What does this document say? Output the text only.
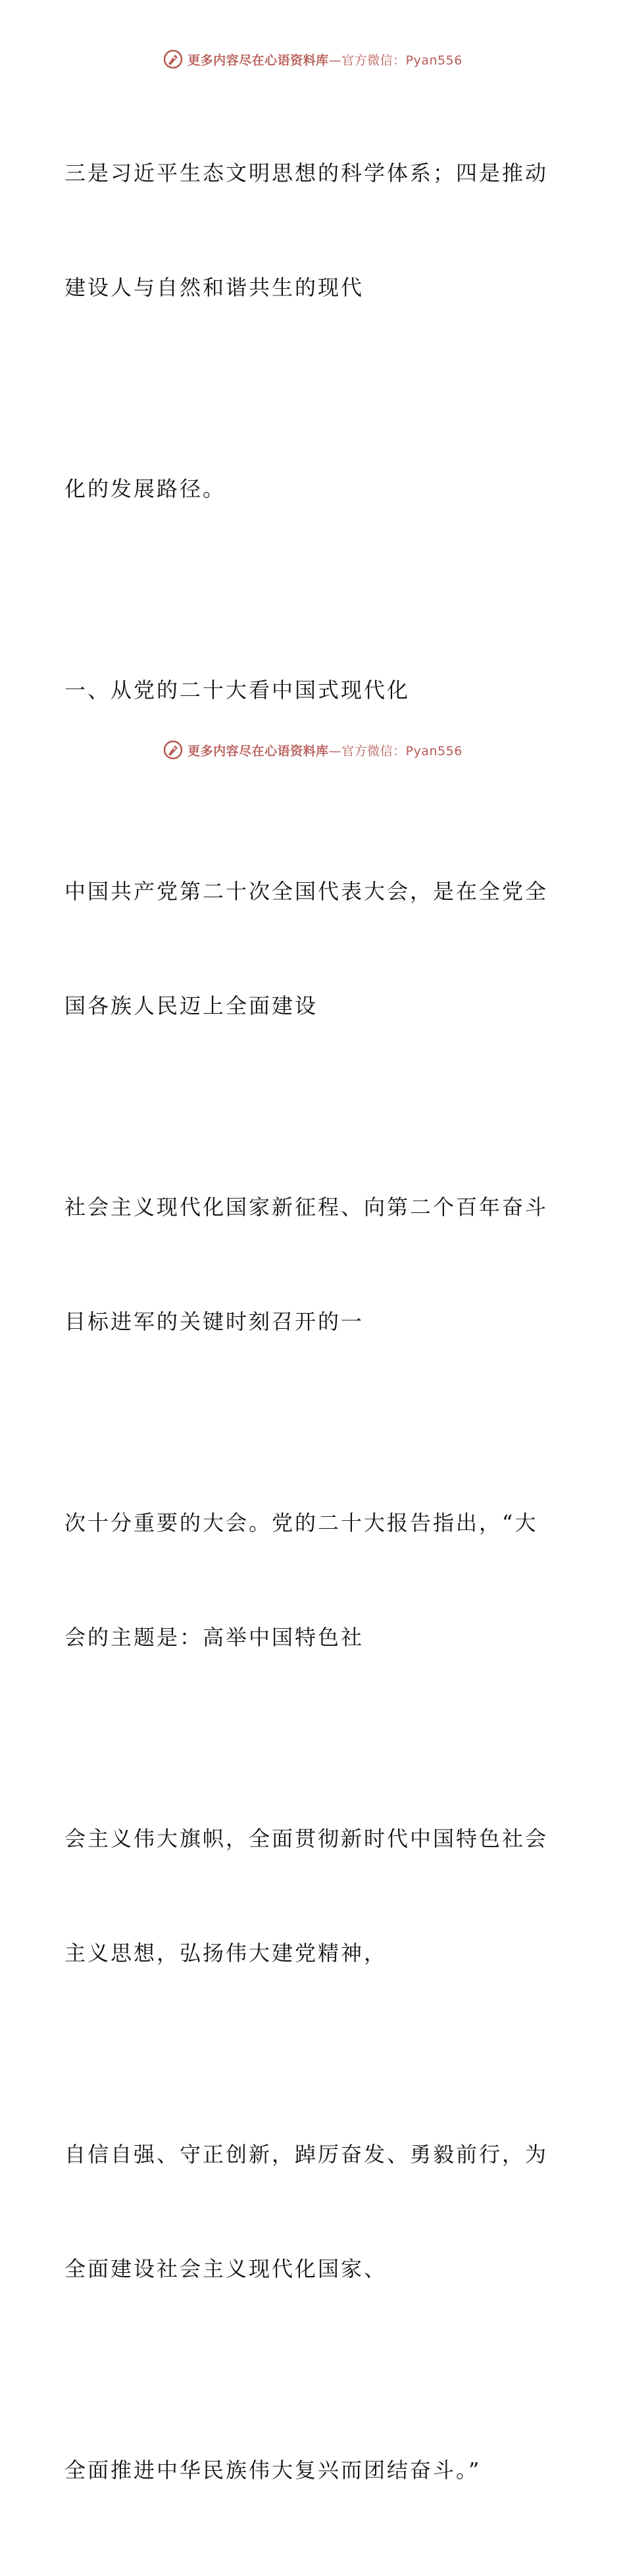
更多内容尽在心语资料库—官方微信：Pyan556

三是习近平生态文明思想的科学体系；四是推动

建设人与自然和谐共生的现代

化的发展路径。

一、从党的二十大看中国式现代化

中国共产党第二十次全国代表大会，是在全党全

国各族人民迈上全面建设

社会主义现代化国家新征程、向第二个百年奋斗

目标进军的关键时刻召开的一

次十分重要的大会。党的二十大报告指出，“大

会的主题是：高举中国特色社

会主义伟大旗帜，全面贯彻新时代中国特色社会

主义思想，弘扬伟大建党精神，

自信自强、守正创新，踔厉奋发、勇毅前行，为

全面建设社会主义现代化国家、

全面推进中华民族伟大复兴而团结奋斗。”

更多内容尽在心语资料库—官方微信：Pyan556
